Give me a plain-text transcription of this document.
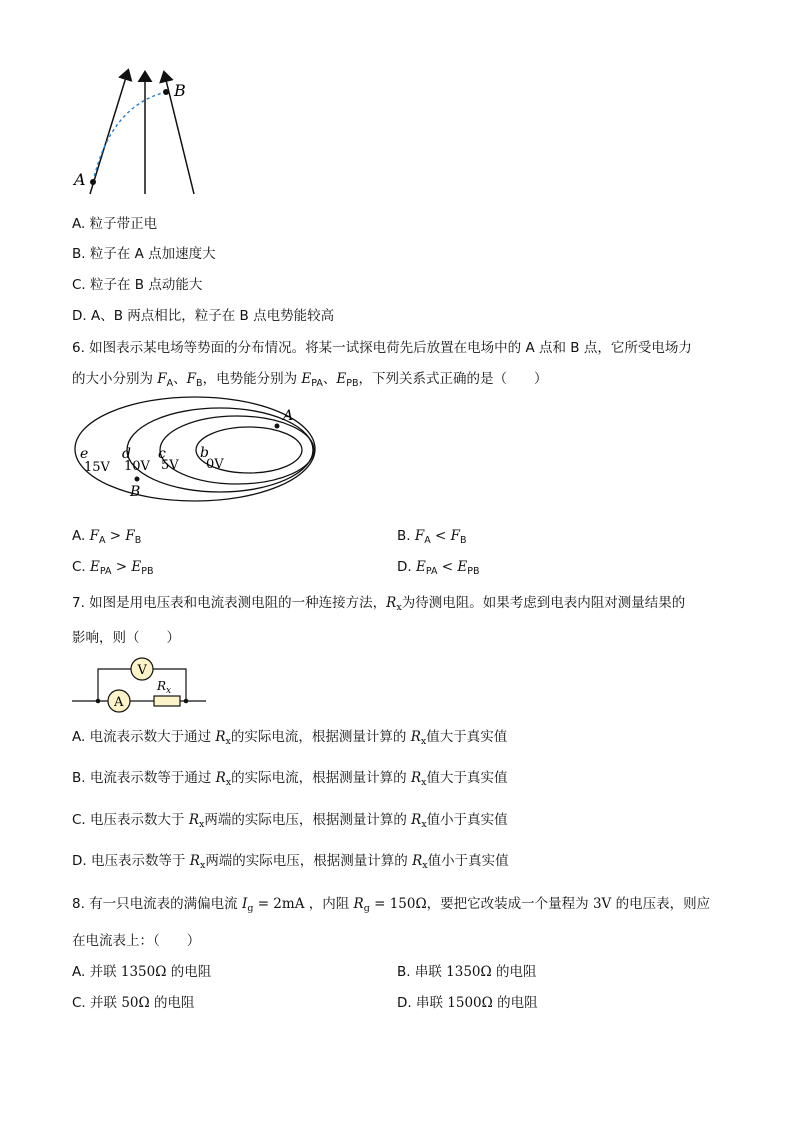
A
B
A. 粒子带正电
B. 粒子在 A 点加速度大
C. 粒子在 B 点动能大
D. A、B 两点相比，粒子在 B 点电势能较高
6. 如图表示某电场等势面的分布情况。将某一试探电荷先后放置在电场中的 A 点和 B 点，它所受电场力
的大小分别为 $F_A$、$F_B$，电势能分别为 $E_{PA}$、$E_{PB}$，下列关系式正确的是（　　）
A
B
e
15V
d
10V
c
5V
b
0V
A. $F_A > F_B$	B. $F_A < F_B$
C. $E_{PA} > E_{PB}$	D. $E_{PA} < E_{PB}$
7. 如图是用电压表和电流表测电阻的一种连接方法，$R_x$为待测电阻。如果考虑到电表内阻对测量结果的
影响，则（　　）
V
A
$R_x$
A. 电流表示数大于通过 $R_x$的实际电流，根据测量计算的 $R_x$值大于真实值
B. 电流表示数等于通过 $R_x$的实际电流，根据测量计算的 $R_x$值大于真实值
C. 电压表示数大于 $R_x$两端的实际电压，根据测量计算的 $R_x$值小于真实值
D. 电压表示数等于 $R_x$两端的实际电压，根据测量计算的 $R_x$值小于真实值
8. 有一只电流表的满偏电流 $I_g = 2mA$ ，内阻 $R_g = 150\Omega$，要把它改装成一个量程为 3V 的电压表，则应
在电流表上：（　　）
A. 并联 1350Ω 的电阻	B. 串联 1350Ω 的电阻
C. 并联 50Ω 的电阻	D. 串联 1500Ω 的电阻
